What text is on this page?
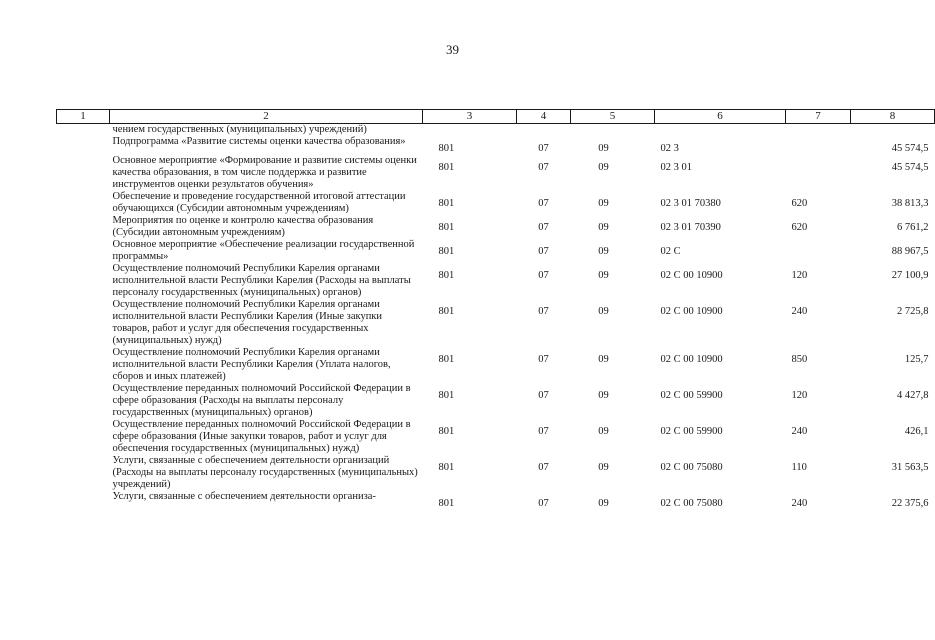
39
1	2	3	4	5	6	7	8
	чением государственных (муниципальных) учреждений)						
	Подпрограмма «Развитие системы оценки качества образования»	801	07	09	02 3		45 574,5
	Основное мероприятие «Формирование и развитие системы оценки качества образования, в том числе поддержка и развитие инструментов оценки результатов обучения»	801	07	09	02 3 01		45 574,5
	Обеспечение и проведение государственной итоговой аттестации обучающихся (Субсидии автономным учреждениям)	801	07	09	02 3 01 70380	620	38 813,3
	Мероприятия по оценке и контролю качества образования (Субсидии автономным учреждениям)	801	07	09	02 3 01 70390	620	6 761,2
	Основное мероприятие «Обеспечение реализации государственной программы»	801	07	09	02 С		88 967,5
	Осуществление полномочий Республики Карелия органами исполнительной власти Республики Карелия (Расходы на выплаты персоналу государственных (муниципальных) органов)	801	07	09	02 С 00 10900	120	27 100,9
	Осуществление полномочий Республики Карелия органами исполнительной власти Республики Карелия (Иные закупки товаров, работ и услуг для обеспечения государственных (муниципальных) нужд)	801	07	09	02 С 00 10900	240	2 725,8
	Осуществление полномочий Республики Карелия органами исполнительной власти Республики Карелия (Уплата налогов, сборов и иных платежей)	801	07	09	02 С 00 10900	850	125,7
	Осуществление переданных полномочий Российской Федерации в сфере образования (Расходы на выплаты персоналу государственных (муниципальных) органов)	801	07	09	02 С 00 59900	120	4 427,8
	Осуществление переданных полномочий Российской Федерации в сфере образования (Иные закупки товаров, работ и услуг для обеспечения государственных (муниципальных) нужд)	801	07	09	02 С 00 59900	240	426,1
	Услуги, связанные с обеспечением деятельности организаций (Расходы на выплаты персоналу государственных (муниципальных) учреждений)	801	07	09	02 С 00 75080	110	31 563,5
	Услуги, связанные с обеспечением деятельности организа-	801	07	09	02 С 00 75080	240	22 375,6
